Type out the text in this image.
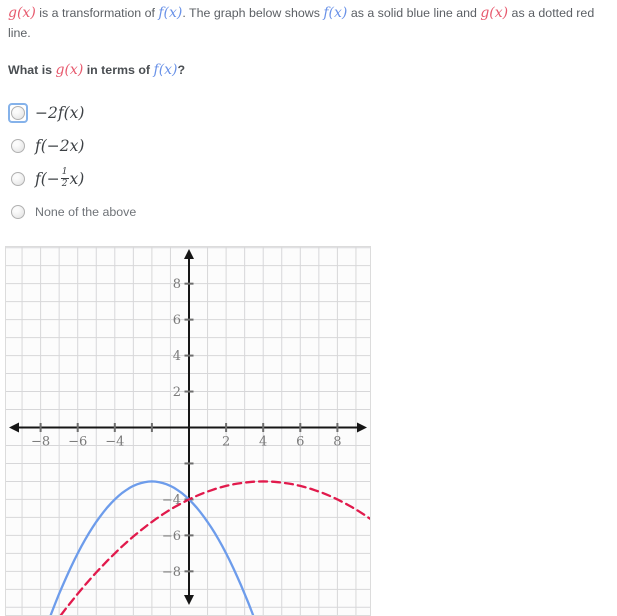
g(x) is a transformation of f(x). The graph below shows f(x) as a solid blue line and g(x) as a dotted red line.
What is g(x) in terms of f(x)?
−2f(x)
f(−2x)
$f(- \frac{1}{2} x)$
None of the above
−8 −6 −4	2 4 6 8
8
6
4
2
−4
−6
−8
